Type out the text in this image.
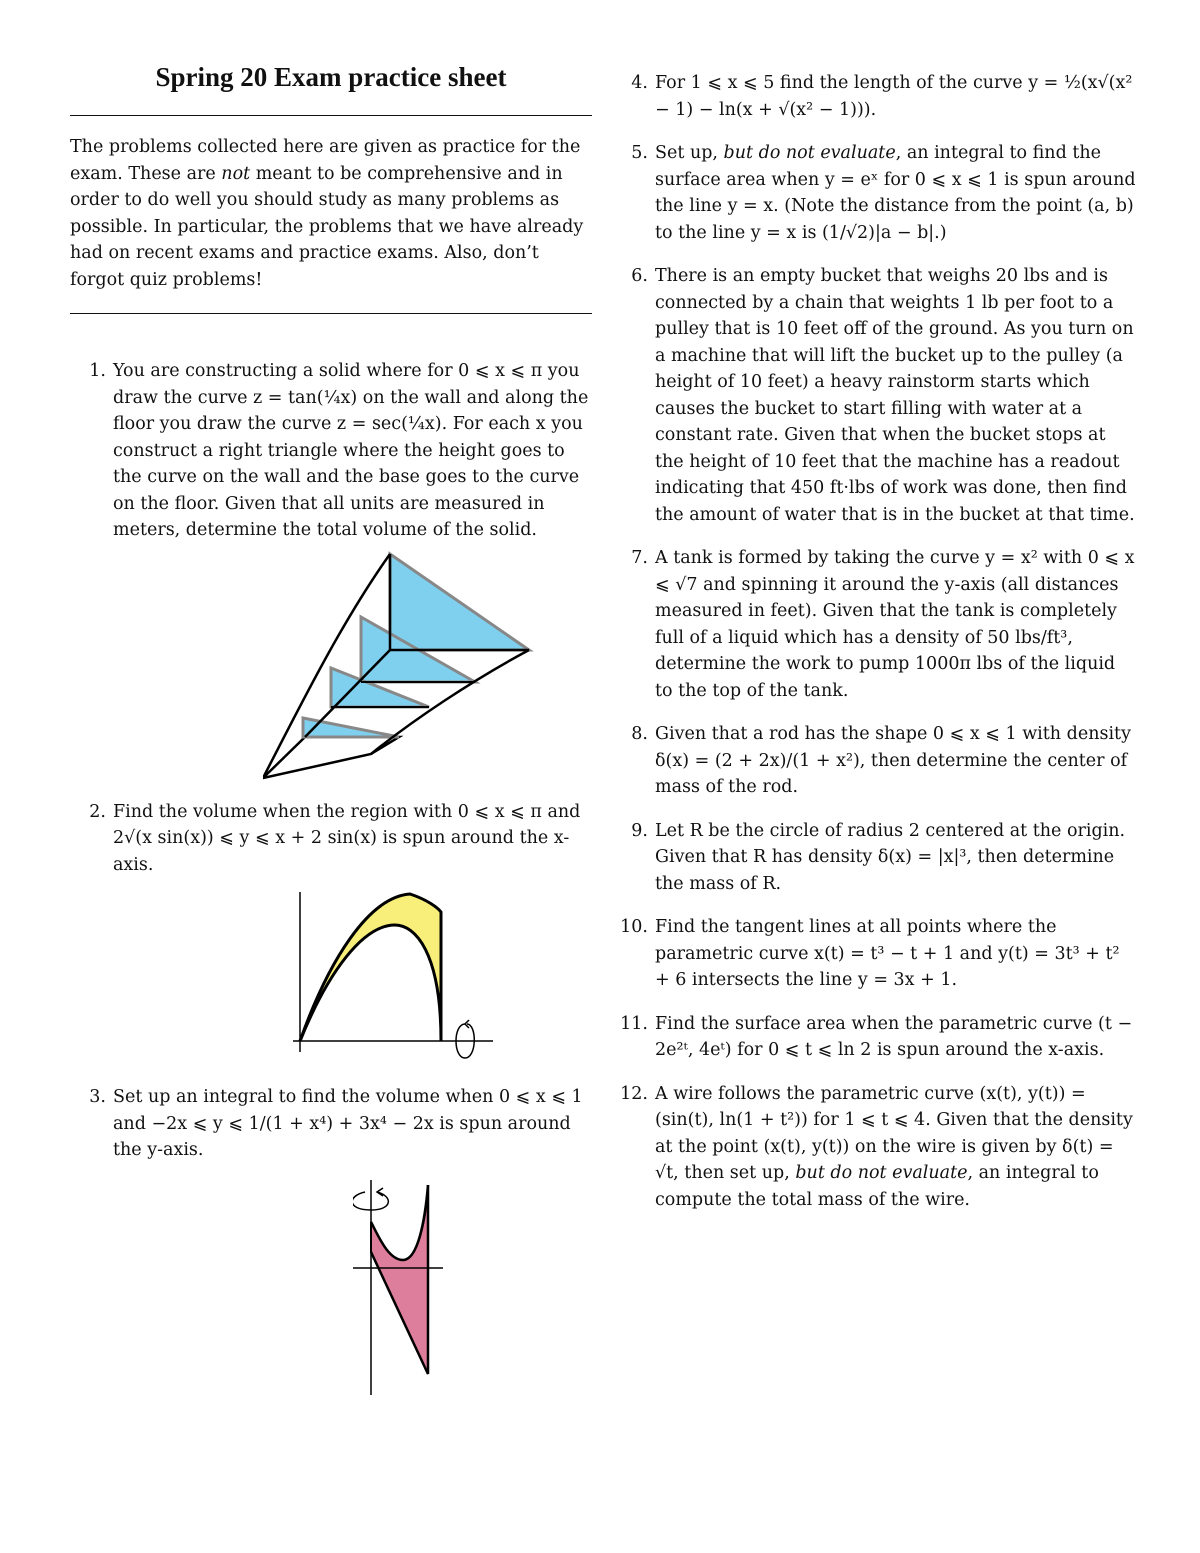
Spring 20 Exam practice sheet

The problems collected here are given as practice for the exam. These are not meant to be comprehensive and in order to do well you should study as many problems as possible. In particular, the problems that we have already had on recent exams and practice exams. Also, don’t forgot quiz problems!

1. You are constructing a solid where for 0 ⩽ x ⩽ π you draw the curve z = tan(¼x) on the wall and along the floor you draw the curve z = sec(¼x). For each x you construct a right triangle where the height goes to the curve on the wall and the base goes to the curve on the floor. Given that all units are measured in meters, determine the total volume of the solid.
2. Find the volume when the region with 0 ⩽ x ⩽ π and 2√(x sin(x)) ⩽ y ⩽ x + 2 sin(x) is spun around the x-axis.
3. Set up an integral to find the volume when 0 ⩽ x ⩽ 1 and −2x ⩽ y ⩽ 1/(1 + x⁴) + 3x⁴ − 2x is spun around the y-axis.
4. For 1 ⩽ x ⩽ 5 find the length of the curve y = ½(x√(x² − 1) − ln(x + √(x² − 1))).
5. Set up, but do not evaluate, an integral to find the surface area when y = eˣ for 0 ⩽ x ⩽ 1 is spun around the line y = x. (Note the distance from the point (a, b) to the line y = x is (1/√2)|a − b|.)
6. There is an empty bucket that weighs 20 lbs and is connected by a chain that weights 1 lb per foot to a pulley that is 10 feet off of the ground. As you turn on a machine that will lift the bucket up to the pulley (a height of 10 feet) a heavy rainstorm starts which causes the bucket to start filling with water at a constant rate. Given that when the bucket stops at the height of 10 feet that the machine has a readout indicating that 450 ft·lbs of work was done, then find the amount of water that is in the bucket at that time.
7. A tank is formed by taking the curve y = x² with 0 ⩽ x ⩽ √7 and spinning it around the y-axis (all distances measured in feet). Given that the tank is completely full of a liquid which has a density of 50 lbs/ft³, determine the work to pump 1000π lbs of the liquid to the top of the tank.
8. Given that a rod has the shape 0 ⩽ x ⩽ 1 with density δ(x) = (2 + 2x)/(1 + x²), then determine the center of mass of the rod.
9. Let R be the circle of radius 2 centered at the origin. Given that R has density δ(x) = |x|³, then determine the mass of R.
10. Find the tangent lines at all points where the parametric curve x(t) = t³ − t + 1 and y(t) = 3t³ + t² + 6 intersects the line y = 3x + 1.
11. Find the surface area when the parametric curve (t − 2e²ᵗ, 4eᵗ) for 0 ⩽ t ⩽ ln 2 is spun around the x-axis.
12. A wire follows the parametric curve (x(t), y(t)) = (sin(t), ln(1 + t²)) for 1 ⩽ t ⩽ 4. Given that the density at the point (x(t), y(t)) on the wire is given by δ(t) = √t, then set up, but do not evaluate, an integral to compute the total mass of the wire.
